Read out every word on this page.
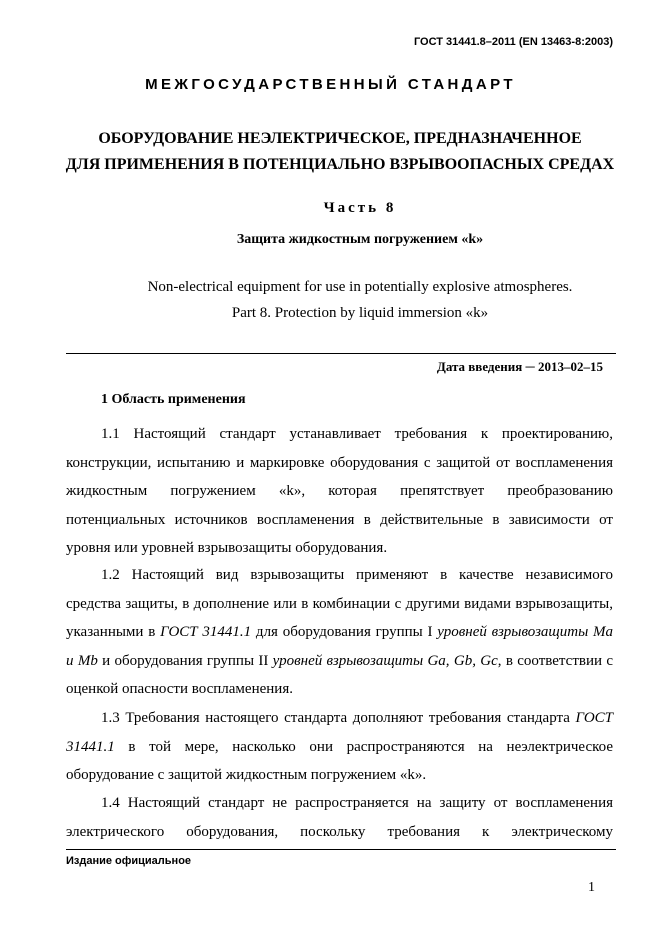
ГОСТ 31441.8–2011 (EN 13463-8:2003)
МЕЖГОСУДАРСТВЕННЫЙ СТАНДАРТ
ОБОРУДОВАНИЕ НЕЭЛЕКТРИЧЕСКОЕ, ПРЕДНАЗНАЧЕННОЕ
ДЛЯ ПРИМЕНЕНИЯ В ПОТЕНЦИАЛЬНО ВЗРЫВООПАСНЫХ СРЕДАХ
Часть 8
Защита жидкостным погружением «k»
Non-electrical equipment for use in potentially explosive atmospheres.
Part 8. Protection by liquid immersion «k»
Дата введения ─ 2013–02–15
1 Область применения

1.1 Настоящий стандарт устанавливает требования к проектированию, конструкции, испытанию и маркировке оборудования с защитой от воспламенения жидкостным погружением «k», которая препятствует преобразованию потенциальных источников воспламенения в действительные в зависимости от уровня или уровней взрывозащиты оборудования.

1.2 Настоящий вид взрывозащиты применяют в качестве независимого средства защиты, в дополнение или в комбинации с другими видами взрывозащиты, указанными в ГОСТ 31441.1 для оборудования группы I уровней взрывозащиты Ma и Mb и оборудования группы II уровней взрывозащиты Ga, Gb, Gc, в соответствии с оценкой опасности воспламенения.

1.3 Требования настоящего стандарта дополняют требования стандарта ГОСТ 31441.1 в той мере, насколько они распространяются на неэлектрическое оборудование с защитой жидкостным погружением «k».

1.4 Настоящий стандарт не распространяется на защиту от воспламенения электрического оборудования, поскольку требования к электрическому

Издание официальное
1
